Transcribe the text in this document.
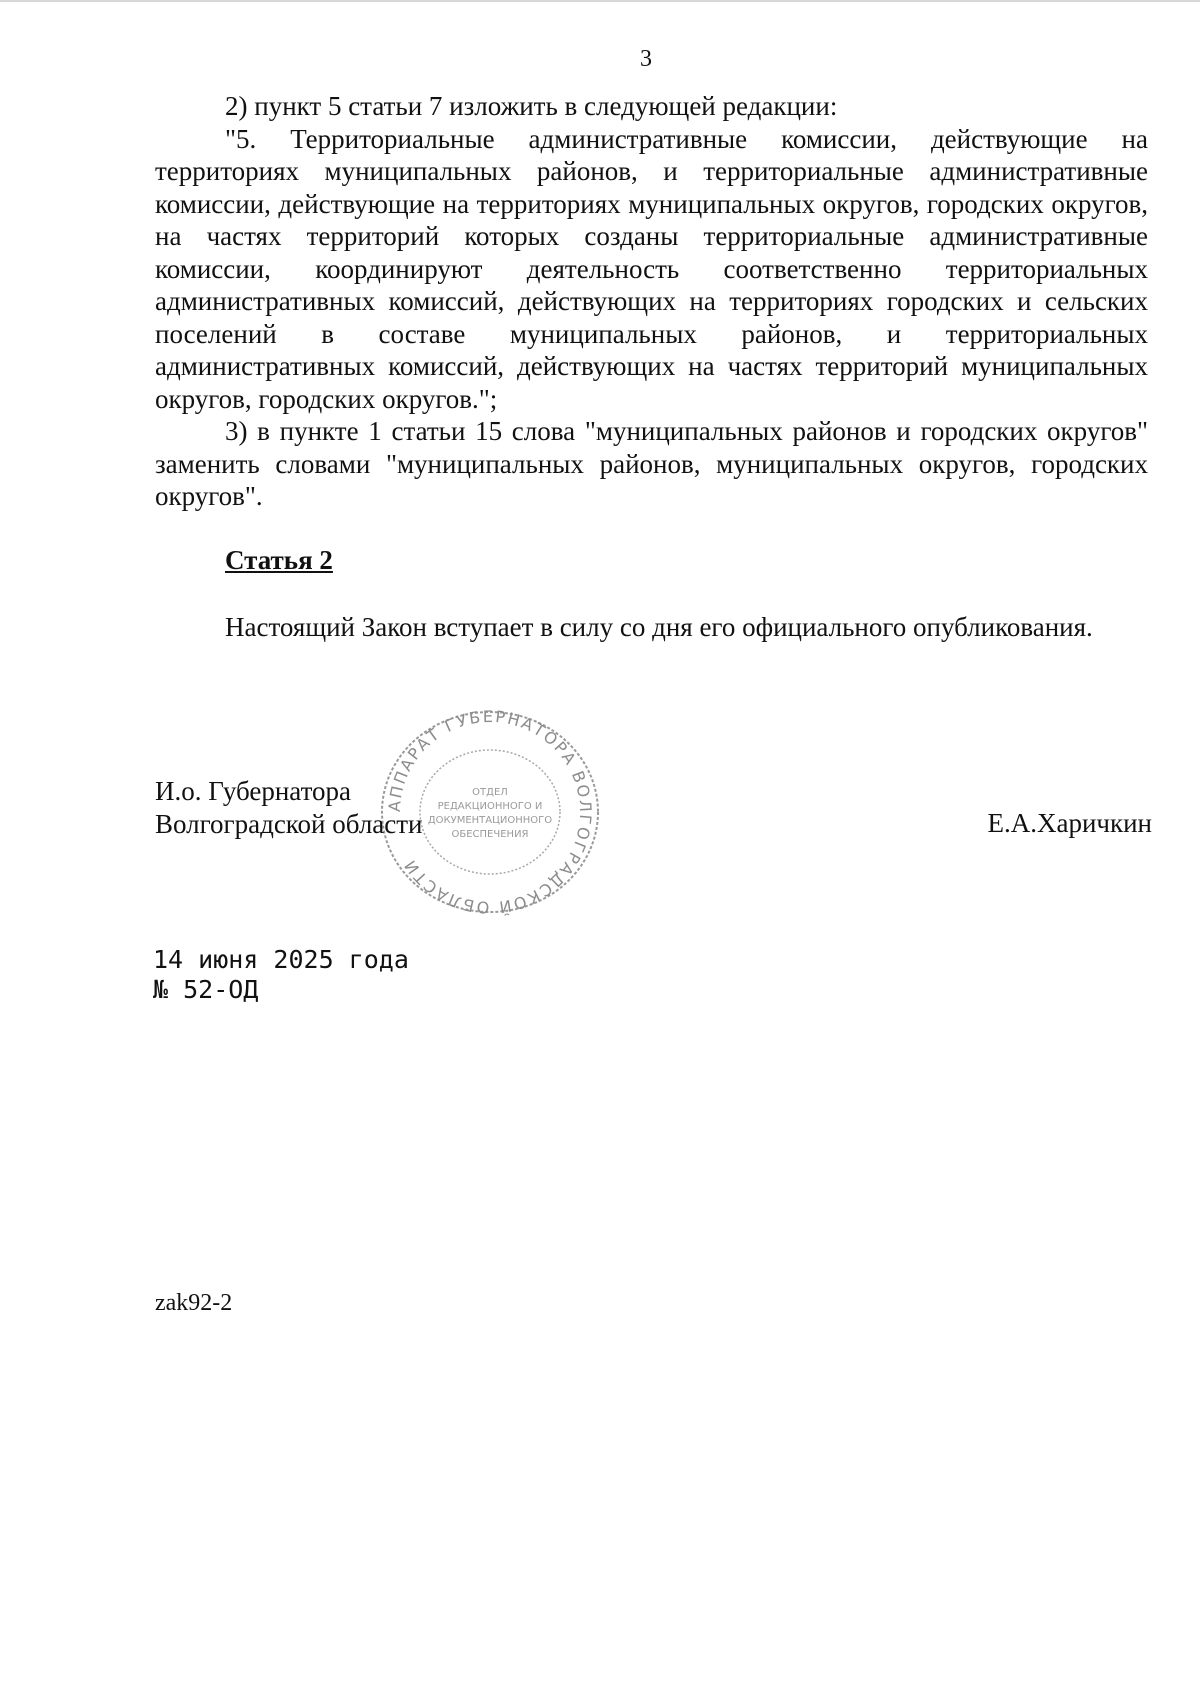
3

2) пункт 5 статьи 7 изложить в следующей редакции:

"5. Территориальные административные комиссии, действующие на территориях муниципальных районов, и территориальные административные комиссии, действующие на территориях муниципальных округов, городских округов, на частях территорий которых созданы территориальные административные комиссии, координируют деятельность соответственно территориальных административных комиссий, действующих на территориях городских и сельских поселений в составе муниципальных районов, и территориальных административных комиссий, действующих на частях территорий муниципальных округов, городских округов.";

3) в пункте 1 статьи 15 слова "муниципальных районов и городских округов" заменить словами "муниципальных районов, муниципальных округов, городских округов".

Статья 2
Настоящий Закон вступает в силу со дня его официального опубликования.
АППАРАТ ГУБЕРНАТОРА ВОЛГОГРАДСКОЙ ОБЛАСТИ
ОТДЕЛ
РЕДАКЦИОННОГО И
ДОКУМЕНТАЦИОННОГО
ОБЕСПЕЧЕНИЯ
И.о. Губернатора
Волгоградской области	Е.А.Харичкин
14 июня 2025 года
№ 52-ОД
zak92-2
